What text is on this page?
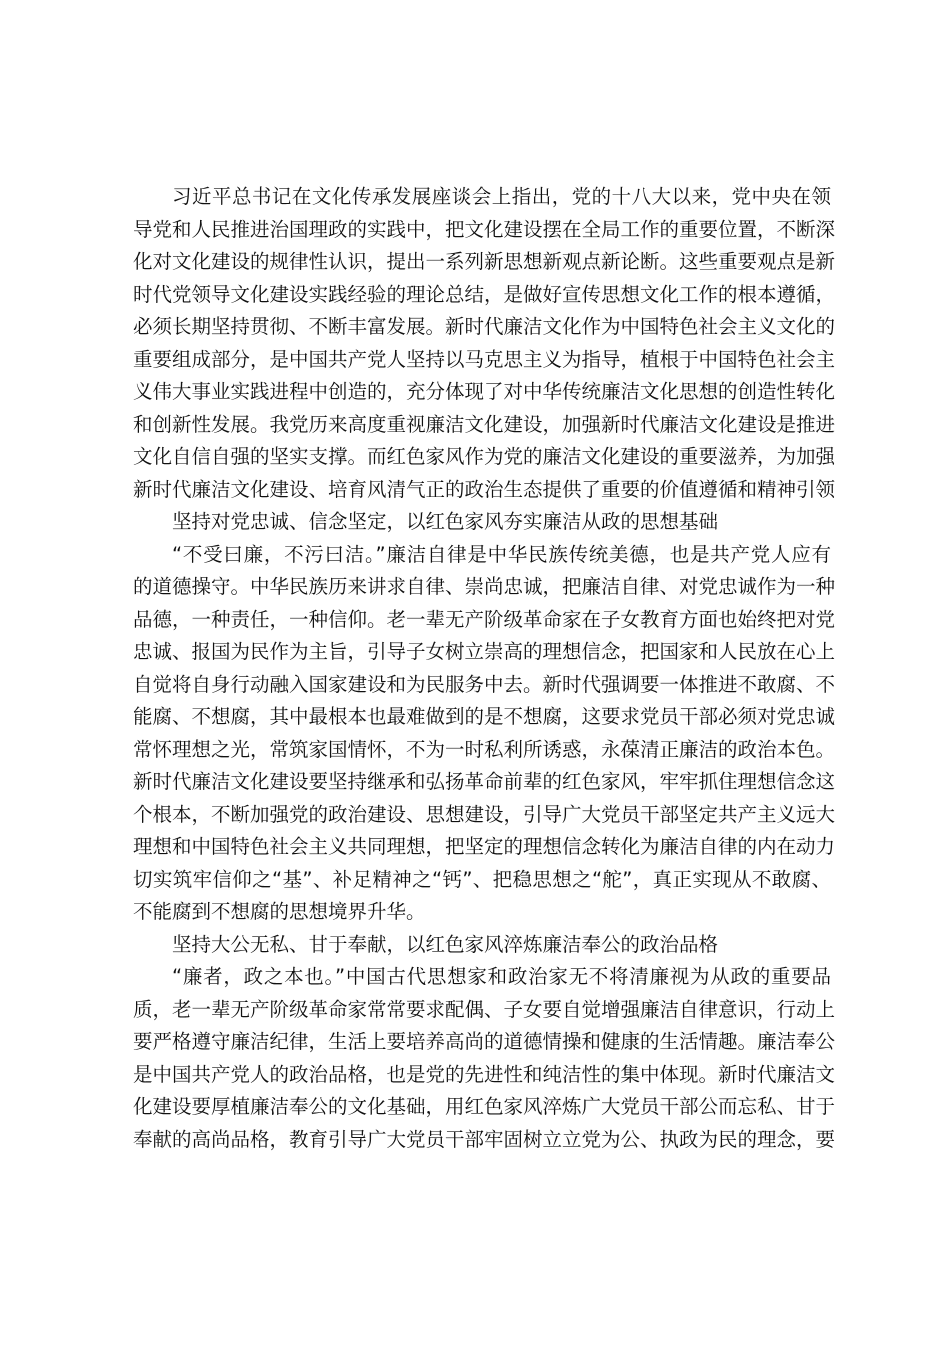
习近平总书记在文化传承发展座谈会上指出，党的十八大以来，党中央在领
导党和人民推进治国理政的实践中，把文化建设摆在全局工作的重要位置，不断深
化对文化建设的规律性认识，提出一系列新思想新观点新论断。这些重要观点是新
时代党领导文化建设实践经验的理论总结，是做好宣传思想文化工作的根本遵循，
必须长期坚持贯彻、不断丰富发展。新时代廉洁文化作为中国特色社会主义文化的
重要组成部分，是中国共产党人坚持以马克思主义为指导，植根于中国特色社会主
义伟大事业实践进程中创造的，充分体现了对中华传统廉洁文化思想的创造性转化
和创新性发展。我党历来高度重视廉洁文化建设，加强新时代廉洁文化建设是推进
文化自信自强的坚实支撑。而红色家风作为党的廉洁文化建设的重要滋养，为加强
新时代廉洁文化建设、培育风清气正的政治生态提供了重要的价值遵循和精神引领
坚持对党忠诚、信念坚定，以红色家风夯实廉洁从政的思想基础
“不受曰廉，不污曰洁。”廉洁自律是中华民族传统美德，也是共产党人应有
的道德操守。中华民族历来讲求自律、崇尚忠诚，把廉洁自律、对党忠诚作为一种
品德，一种责任，一种信仰。老一辈无产阶级革命家在子女教育方面也始终把对党
忠诚、报国为民作为主旨，引导子女树立崇高的理想信念，把国家和人民放在心上
自觉将自身行动融入国家建设和为民服务中去。新时代强调要一体推进不敢腐、不
能腐、不想腐，其中最根本也最难做到的是不想腐，这要求党员干部必须对党忠诚
常怀理想之光，常筑家国情怀，不为一时私利所诱惑，永葆清正廉洁的政治本色。
新时代廉洁文化建设要坚持继承和弘扬革命前辈的红色家风，牢牢抓住理想信念这
个根本，不断加强党的政治建设、思想建设，引导广大党员干部坚定共产主义远大
理想和中国特色社会主义共同理想，把坚定的理想信念转化为廉洁自律的内在动力
切实筑牢信仰之“基”、补足精神之“钙”、把稳思想之“舵”，真正实现从不敢腐、
不能腐到不想腐的思想境界升华。
坚持大公无私、甘于奉献，以红色家风淬炼廉洁奉公的政治品格
“廉者，政之本也。”中国古代思想家和政治家无不将清廉视为从政的重要品
质，老一辈无产阶级革命家常常要求配偶、子女要自觉增强廉洁自律意识，行动上
要严格遵守廉洁纪律，生活上要培养高尚的道德情操和健康的生活情趣。廉洁奉公
是中国共产党人的政治品格，也是党的先进性和纯洁性的集中体现。新时代廉洁文
化建设要厚植廉洁奉公的文化基础，用红色家风淬炼广大党员干部公而忘私、甘于
奉献的高尚品格，教育引导广大党员干部牢固树立立党为公、执政为民的理念，要
